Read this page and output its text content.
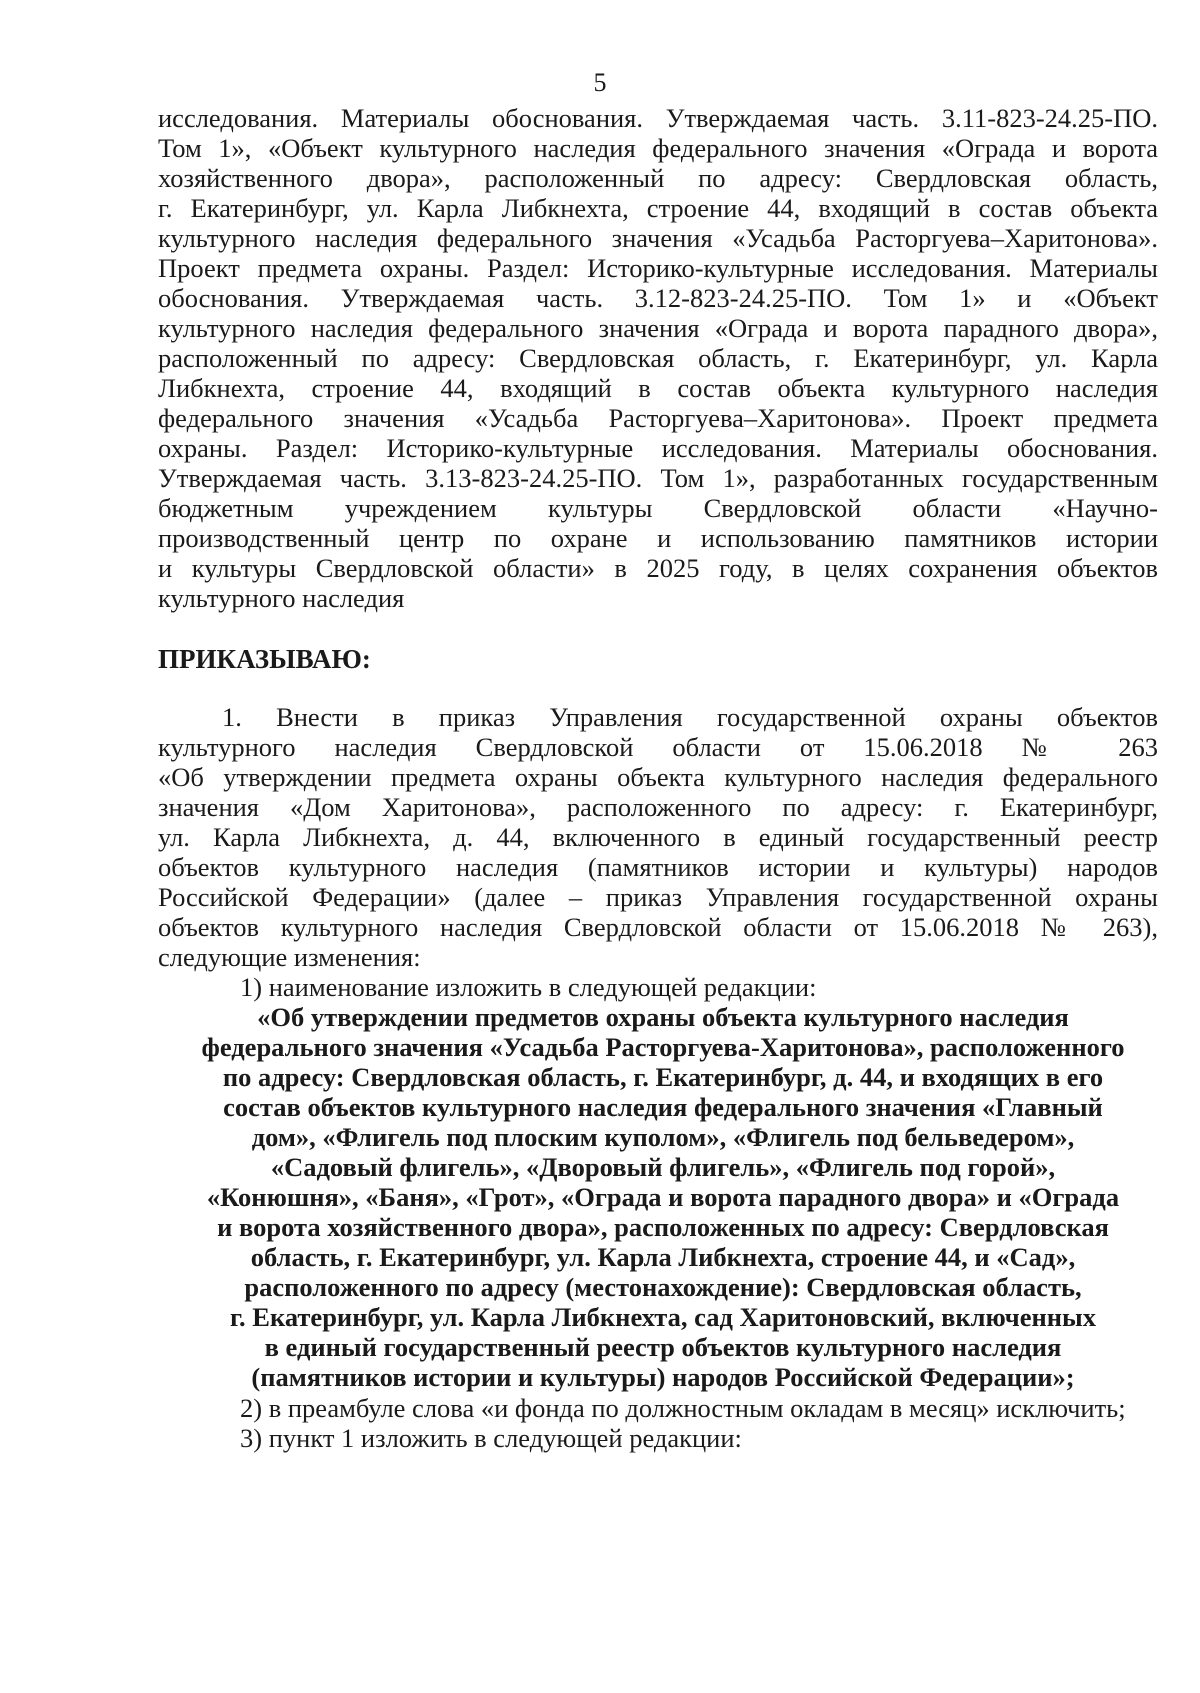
5
исследования. Материалы обоснования. Утверждаемая часть. 3.11-823-24.25-ПО.
Том 1», «Объект культурного наследия федерального значения «Ограда и ворота
хозяйственного двора», расположенный по адресу: Свердловская область,
г. Екатеринбург, ул. Карла Либкнехта, строение 44, входящий в состав объекта
культурного наследия федерального значения «Усадьба Расторгуева–Харитонова».
Проект предмета охраны. Раздел: Историко-культурные исследования. Материалы
обоснования. Утверждаемая часть. 3.12-823-24.25-ПО. Том 1» и «Объект
культурного наследия федерального значения «Ограда и ворота парадного двора»,
расположенный по адресу: Свердловская область, г. Екатеринбург, ул. Карла
Либкнехта, строение 44, входящий в состав объекта культурного наследия
федерального значения «Усадьба Расторгуева–Харитонова». Проект предмета
охраны. Раздел: Историко-культурные исследования. Материалы обоснования.
Утверждаемая часть. 3.13-823-24.25-ПО. Том 1», разработанных государственным
бюджетным учреждением культуры Свердловской области «Научно-
производственный центр по охране и использованию памятников истории
и культуры Свердловской области» в 2025 году, в целях сохранения объектов
культурного наследия
ПРИКАЗЫВАЮ:
1. Внести в приказ Управления государственной охраны объектов
культурного наследия Свердловской области от 15.06.2018 № 263
«Об утверждении предмета охраны объекта культурного наследия федерального
значения «Дом Харитонова», расположенного по адресу: г. Екатеринбург,
ул. Карла Либкнехта, д. 44, включенного в единый государственный реестр
объектов культурного наследия (памятников истории и культуры) народов
Российской Федерации» (далее – приказ Управления государственной охраны
объектов культурного наследия Свердловской области от 15.06.2018 № 263),
следующие изменения:
1) наименование изложить в следующей редакции:
«Об утверждении предметов охраны объекта культурного наследия
федерального значения «Усадьба Расторгуева-Харитонова», расположенного
по адресу: Свердловская область, г. Екатеринбург, д. 44, и входящих в его
состав объектов культурного наследия федерального значения «Главный
дом», «Флигель под плоским куполом», «Флигель под бельведером»,
«Садовый флигель», «Дворовый флигель», «Флигель под горой»,
«Конюшня», «Баня», «Грот», «Ограда и ворота парадного двора» и «Ограда
и ворота хозяйственного двора», расположенных по адресу: Свердловская
область, г. Екатеринбург, ул. Карла Либкнехта, строение 44, и «Сад»,
расположенного по адресу (местонахождение): Свердловская область,
г. Екатеринбург, ул. Карла Либкнехта, сад Харитоновский, включенных
в единый государственный реестр объектов культурного наследия
(памятников истории и культуры) народов Российской Федерации»;
2) в преамбуле слова «и фонда по должностным окладам в месяц» исключить;
3) пункт 1 изложить в следующей редакции:
